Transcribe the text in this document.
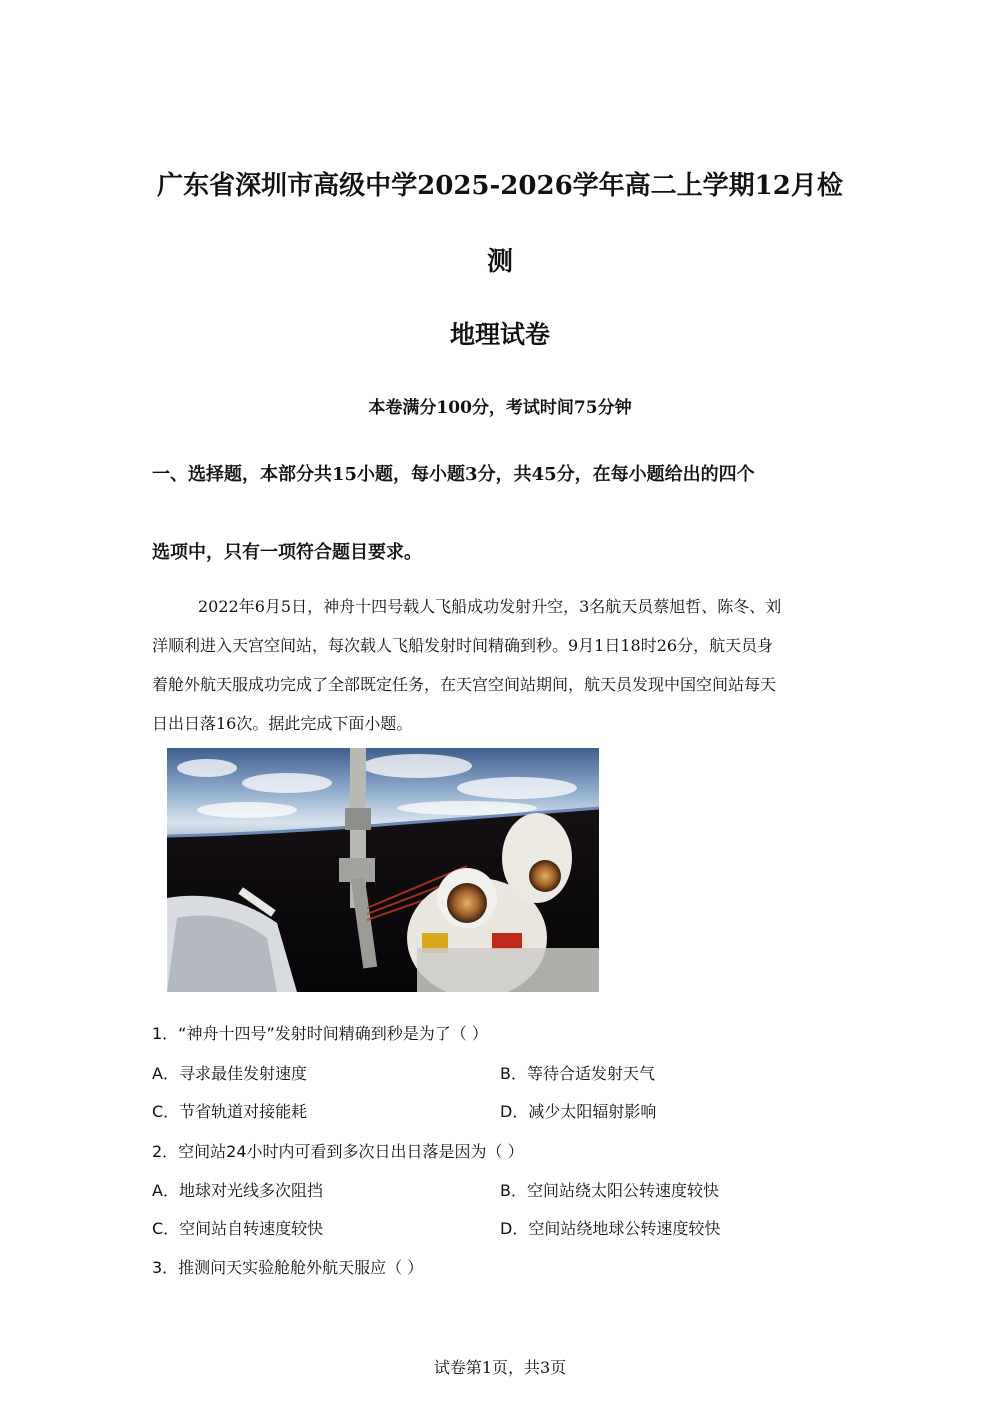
广东省深圳市高级中学2025-2026学年高二上学期12月检
测
地理试卷
本卷满分100分，考试时间75分钟
一、选择题，本部分共15小题，每小题3分，共45分，在每小题给出的四个
选项中，只有一项符合题目要求。
2022年6月5日，神舟十四号载人飞船成功发射升空，3名航天员蔡旭哲、陈冬、刘
洋顺利进入天宫空间站，每次载人飞船发射时间精确到秒。9月1日18时26分，航天员身
着舱外航天服成功完成了全部既定任务，在天宫空间站期间，航天员发现中国空间站每天
日出日落16次。据此完成下面小题。
1．“神舟十四号”发射时间精确到秒是为了（ ）
A．寻求最佳发射速度	B．等待合适发射天气
C．节省轨道对接能耗	D．减少太阳辐射影响
2．空间站24小时内可看到多次日出日落是因为（ ）
A．地球对光线多次阻挡	B．空间站绕太阳公转速度较快
C．空间站自转速度较快	D．空间站绕地球公转速度较快
3．推测问天实验舱舱外航天服应（ ）
试卷第1页，共3页
